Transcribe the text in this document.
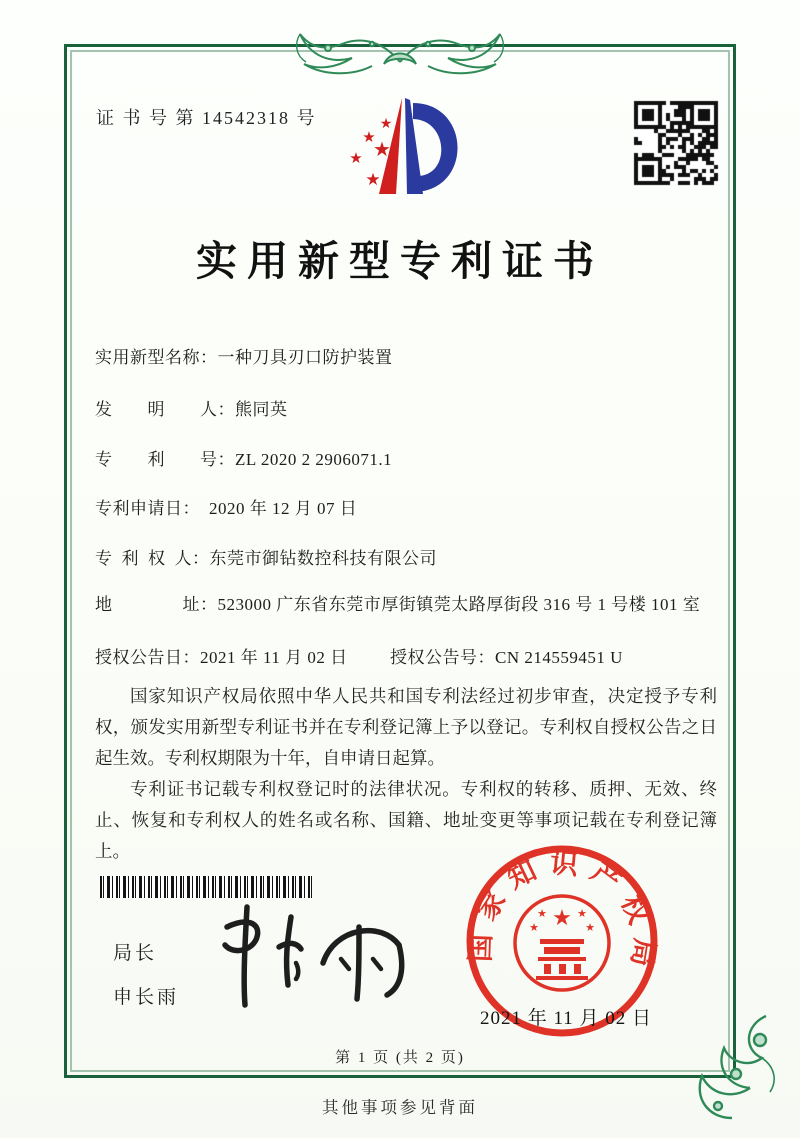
证 书 号 第 14542318 号	★
★
★
★
★
实用新型专利证书
实用新型名称：一种刀具刃口防护装置
发　　明　　人：熊同英
专　　利　　号：ZL 2020 2 2906071.1
专利申请日： 2020 年 12 月 07 日
专 利 权 人：东莞市御钻数控科技有限公司
地　　　　址：523000 广东省东莞市厚街镇莞太路厚街段 316 号 1 号楼 101 室
授权公告日：2021 年 11 月 02 日 授权公告号：CN 214559451 U

国家知识产权局依照中华人民共和国专利法经过初步审查，决定授予专利权，颁发实用新型专利证书并在专利登记簿上予以登记。专利权自授权公告之日起生效。专利权期限为十年，自申请日起算。

专利证书记载专利权登记时的法律状况。专利权的转移、质押、无效、终止、恢复和专利权人的姓名或名称、国籍、地址变更等事项记载在专利登记簿上。

局长
申长雨
国家知识产权局
★
★	★
★	★
2021 年 11 月 02 日
第 1 页 (共 2 页)
其他事项参见背面
